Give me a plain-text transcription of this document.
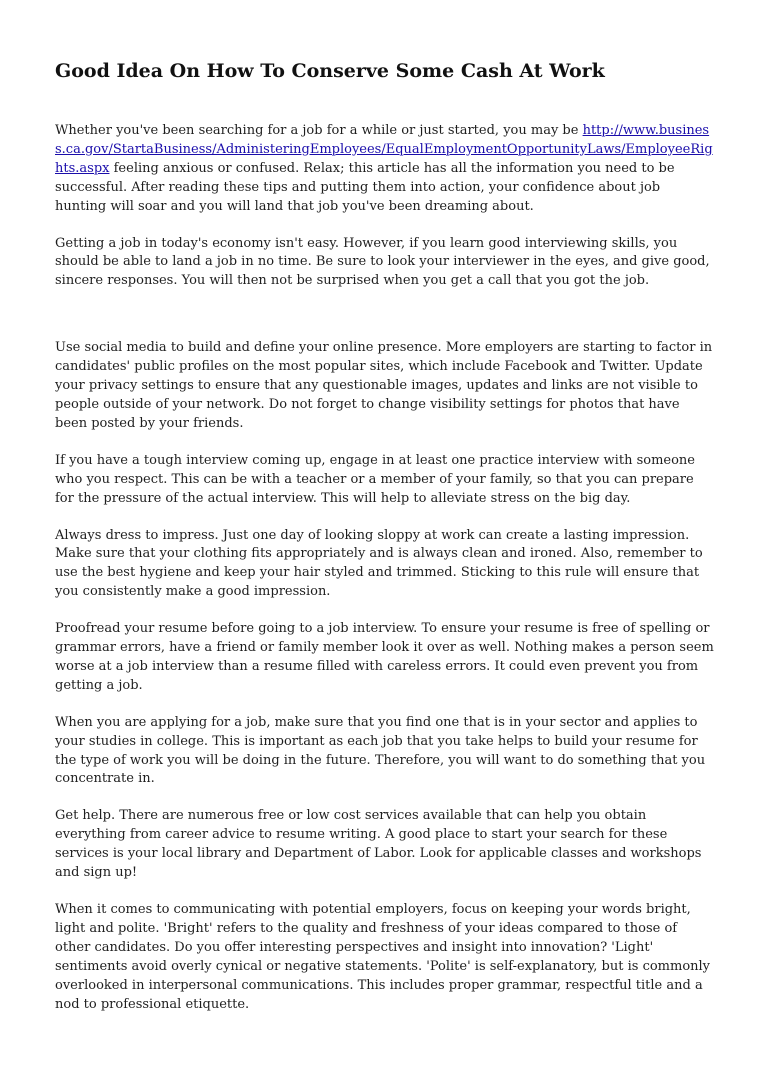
Good Idea On How To Conserve Some Cash At Work

Whether you've been searching for a job for a while or just started, you may be http://www.business.ca.gov/StartaBusiness/AdministeringEmployees/EqualEmploymentOpportunityLaws/EmployeeRights.aspx feeling anxious or confused. Relax; this article has all the information you need to be successful. After reading these tips and putting them into action, your confidence about job hunting will soar and you will land that job you've been dreaming about.

Getting a job in today's economy isn't easy. However, if you learn good interviewing skills, you should be able to land a job in no time. Be sure to look your interviewer in the eyes, and give good, sincere responses. You will then not be surprised when you get a call that you got the job.

Use social media to build and define your online presence. More employers are starting to factor in candidates' public profiles on the most popular sites, which include Facebook and Twitter. Update your privacy settings to ensure that any questionable images, updates and links are not visible to people outside of your network. Do not forget to change visibility settings for photos that have been posted by your friends.

If you have a tough interview coming up, engage in at least one practice interview with someone who you respect. This can be with a teacher or a member of your family, so that you can prepare for the pressure of the actual interview. This will help to alleviate stress on the big day.

Always dress to impress. Just one day of looking sloppy at work can create a lasting impression. Make sure that your clothing fits appropriately and is always clean and ironed. Also, remember to use the best hygiene and keep your hair styled and trimmed. Sticking to this rule will ensure that you consistently make a good impression.

Proofread your resume before going to a job interview. To ensure your resume is free of spelling or grammar errors, have a friend or family member look it over as well. Nothing makes a person seem worse at a job interview than a resume filled with careless errors. It could even prevent you from getting a job.

When you are applying for a job, make sure that you find one that is in your sector and applies to your studies in college. This is important as each job that you take helps to build your resume for the type of work you will be doing in the future. Therefore, you will want to do something that you concentrate in.

Get help. There are numerous free or low cost services available that can help you obtain everything from career advice to resume writing. A good place to start your search for these services is your local library and Department of Labor. Look for applicable classes and workshops and sign up!

When it comes to communicating with potential employers, focus on keeping your words bright, light and polite. 'Bright' refers to the quality and freshness of your ideas compared to those of other candidates. Do you offer interesting perspectives and insight into innovation? 'Light' sentiments avoid overly cynical or negative statements. 'Polite' is self-explanatory, but is commonly overlooked in interpersonal communications. This includes proper grammar, respectful title and a nod to professional etiquette.
